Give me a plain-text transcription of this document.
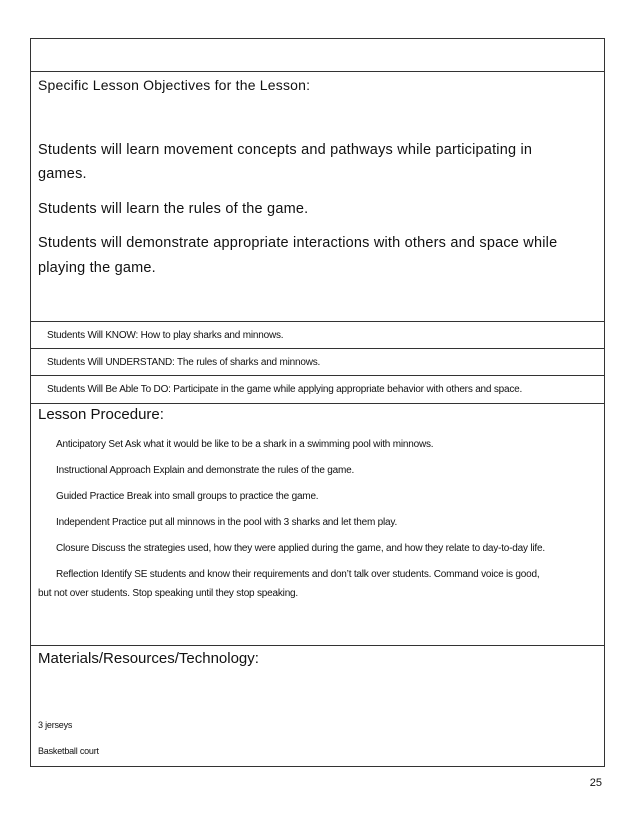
Specific Lesson Objectives for the Lesson:
Students will learn movement concepts and pathways while participating in
games.
Students will learn the rules of the game.
Students will demonstrate appropriate interactions with others and space while
playing the game.
Students Will KNOW: How to play sharks and minnows.
Students Will UNDERSTAND: The rules of sharks and minnows.
Students Will Be Able To DO: Participate in the game while applying appropriate behavior with others and space.
Lesson Procedure:
Anticipatory Set Ask what it would be like to be a shark in a swimming pool with minnows.
Instructional Approach Explain and demonstrate the rules of the game.
Guided Practice Break into small groups to practice the game.
Independent Practice put all minnows in the pool with 3 sharks and let them play.
Closure Discuss the strategies used, how they were applied during the game, and how they relate to day-to-day life.
Reflection Identify SE students and know their requirements and don’t talk over students. Command voice is good,
but not over students. Stop speaking until they stop speaking.
Materials/Resources/Technology:
3 jerseys
Basketball court
25
